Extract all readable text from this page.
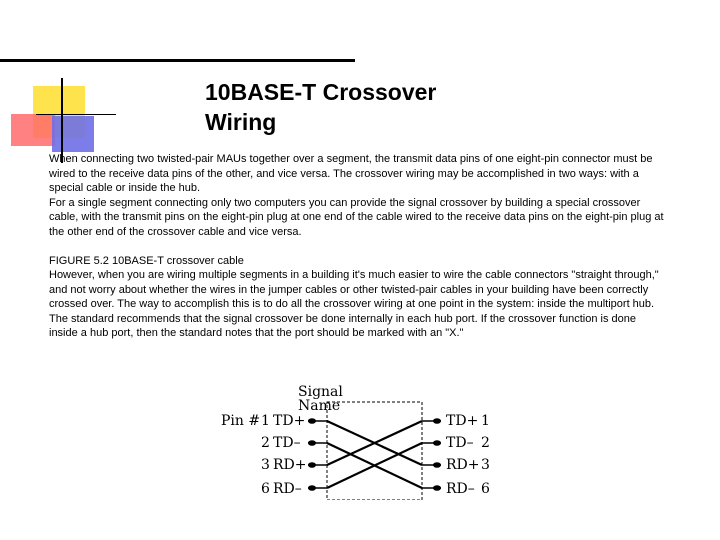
10BASE-T Crossover
Wiring

When connecting two twisted-pair MAUs together over a segment, the transmit data pins of one eight-pin connector must be wired to the receive data pins of the other, and vice versa. The crossover wiring may be accomplished in two ways: with a special cable or inside the hub.

For a single segment connecting only two computers you can provide the signal crossover by building a special crossover cable, with the transmit pins on the eight-pin plug at one end of the cable wired to the receive data pins on the eight-pin plug at the other end of the crossover cable and vice versa.

FIGURE 5.2 10BASE-T crossover cable

However, when you are wiring multiple segments in a building it's much easier to wire the cable connectors "straight through," and not worry about whether the wires in the jumper cables or other twisted-pair cables in your building have been correctly crossed over. The way to accomplish this is to do all the crossover wiring at one point in the system: inside the multiport hub.

The standard recommends that the signal crossover be done internally in each hub port. If the crossover function is done inside a hub port, then the standard notes that the port should be marked with an "X."

Signal
Name
Pin # 1
2
3
6
TD+
TD–
RD+
RD–
TD+
TD–
RD+
RD–
1
2
3
6
